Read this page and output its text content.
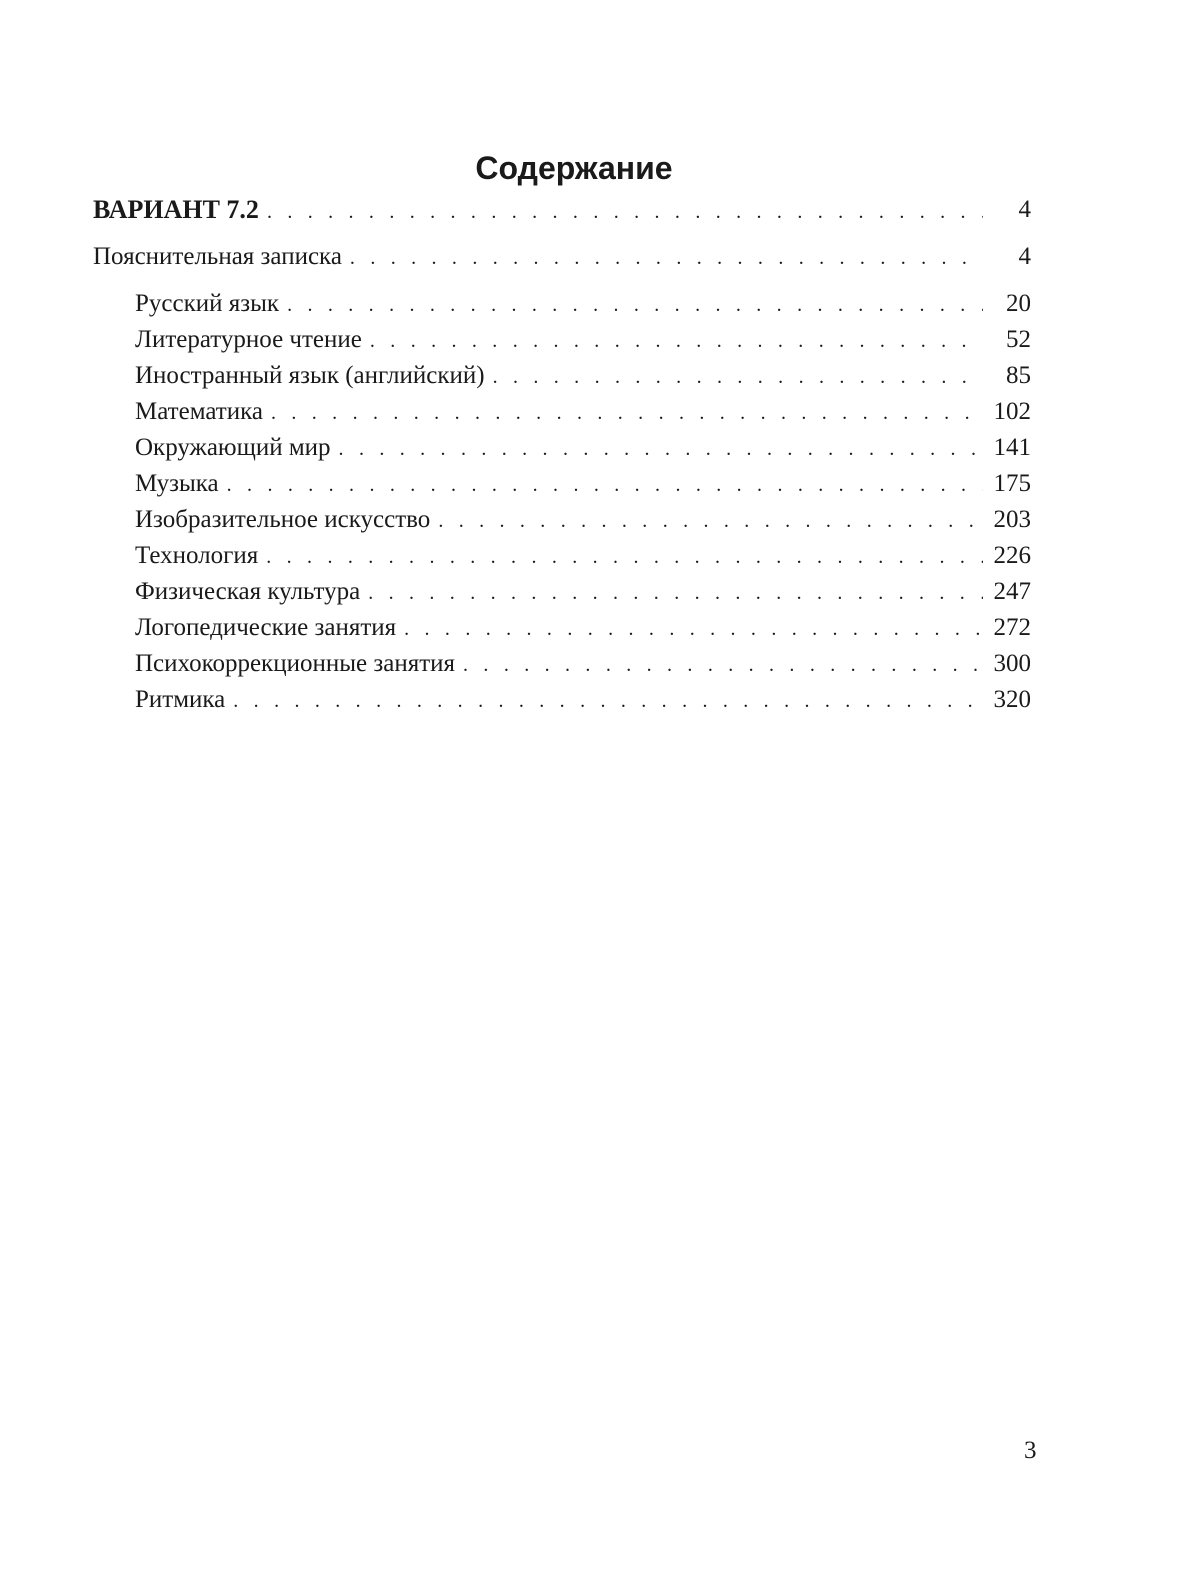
Содержание
ВАРИАНТ 7.2 . . .	4
Пояснительная записка . . .	4
Русский язык . . .	20
Литературное чтение . . .	52
Иностранный язык (английский) . . .	85
Математика . . .	102
Окружающий мир . . .	141
Музыка . . .	175
Изобразительное искусство . . .	203
Технология . . .	226
Физическая культура . . .	247
Логопедические занятия . . .	272
Психокоррекционные занятия . . .	300
Ритмика . . .	320
3
